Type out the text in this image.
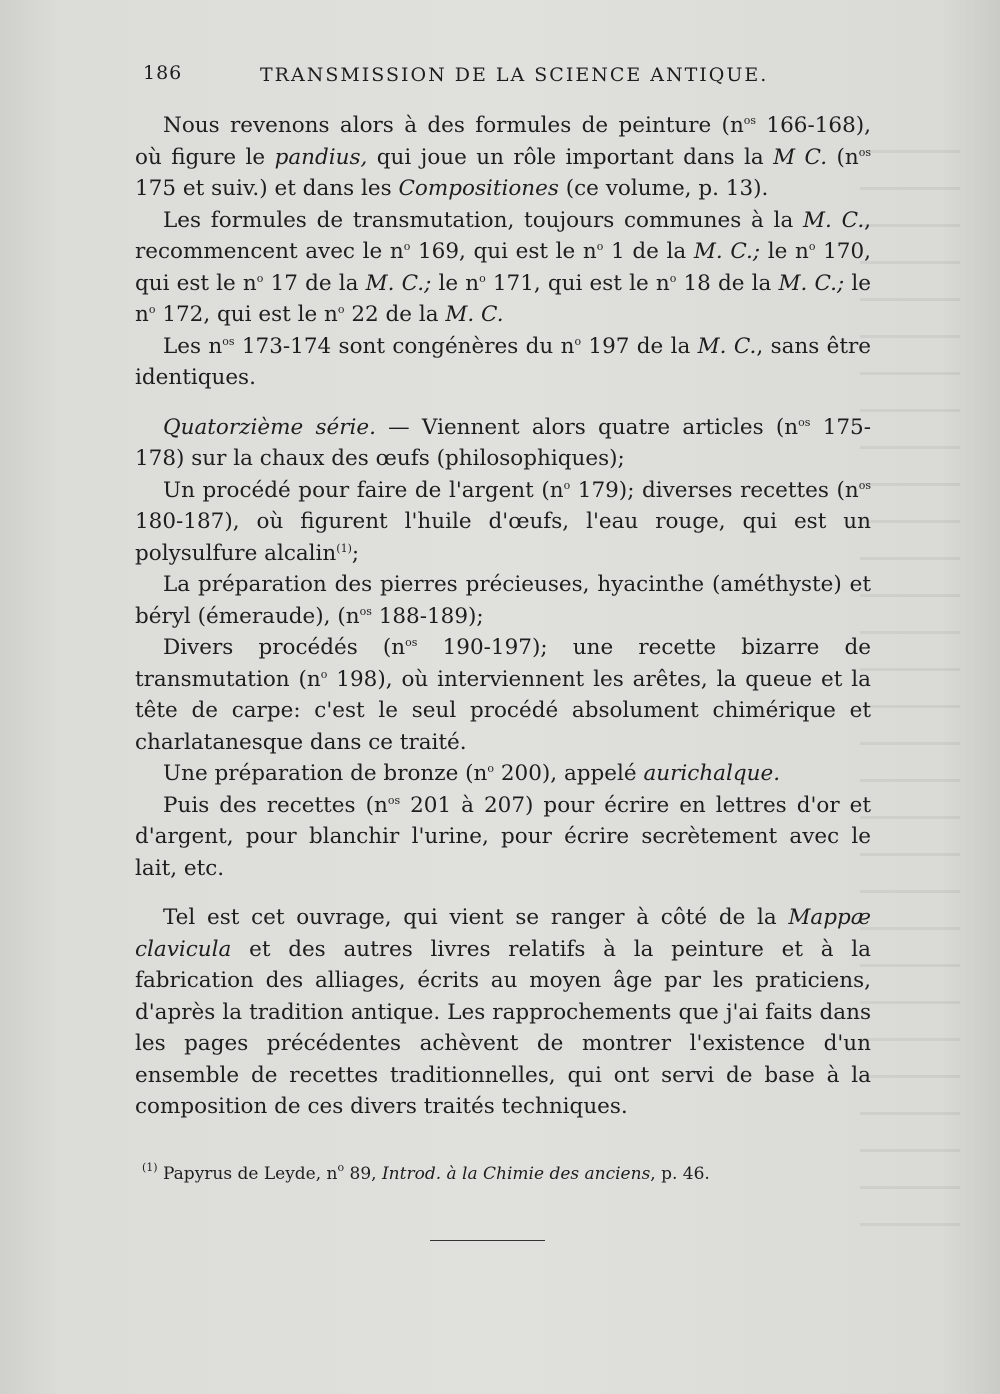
186	TRANSMISSION DE LA SCIENCE ANTIQUE.

Nous revenons alors à des formules de peinture ($n^{os}$ 166-168), où figure le pandius, qui joue un rôle important dans la M C. ($n^{os}$ 175 et suiv.) et dans les Compositiones (ce volume, p. 13).

Les formules de transmutation, toujours communes à la M. C., recommencent avec le $n^o$ 169, qui est le $n^o$ 1 de la M. C.; le $n^o$ 170, qui est le $n^o$ 17 de la M. C.; le $n^o$ 171, qui est le $n^o$ 18 de la M. C.; le $n^o$ 172, qui est le $n^o$ 22 de la M. C.

Les $n^{os}$ 173-174 sont congénères du $n^o$ 197 de la M. C., sans être identiques.

Quatorzième série. — Viennent alors quatre articles ($n^{os}$ 175-178) sur la chaux des œufs (philosophiques);

Un procédé pour faire de l'argent ($n^o$ 179); diverses recettes ($n^{os}$ 180-187), où figurent l'huile d'œufs, l'eau rouge, qui est un polysulfure alcalin$^{(1)}$;

La préparation des pierres précieuses, hyacinthe (améthyste) et béryl (émeraude), ($n^{os}$ 188-189);

Divers procédés ($n^{os}$ 190-197); une recette bizarre de transmutation ($n^o$ 198), où interviennent les arêtes, la queue et la tête de carpe: c'est le seul procédé absolument chimérique et charlatanesque dans ce traité.

Une préparation de bronze ($n^o$ 200), appelé aurichalque.

Puis des recettes ($n^{os}$ 201 à 207) pour écrire en lettres d'or et d'argent, pour blanchir l'urine, pour écrire secrètement avec le lait, etc.

Tel est cet ouvrage, qui vient se ranger à côté de la Mappæ clavicula et des autres livres relatifs à la peinture et à la fabrication des alliages, écrits au moyen âge par les praticiens, d'après la tradition antique. Les rapprochements que j'ai faits dans les pages précédentes achèvent de montrer l'existence d'un ensemble de recettes traditionnelles, qui ont servi de base à la composition de ces divers traités techniques.

$^{(1)}$ Papyrus de Leyde, $n^o$ 89, Introd. à la Chimie des anciens, p. 46.
